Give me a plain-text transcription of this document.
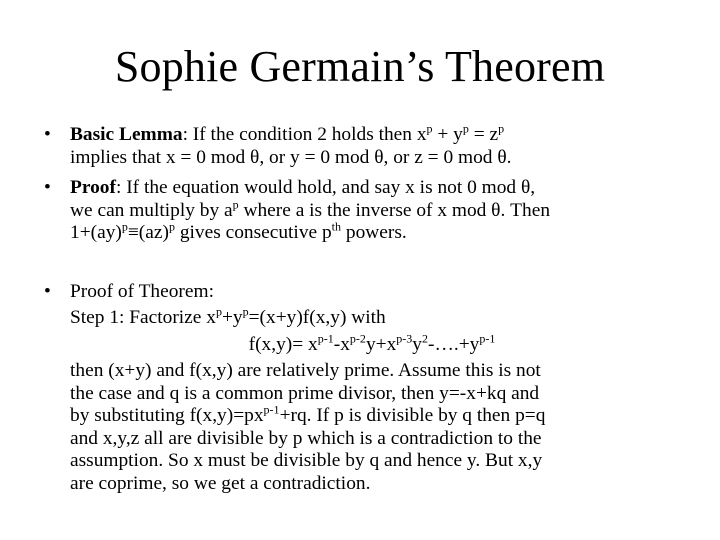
Sophie Germain’s Theorem
• Basic Lemma: If the condition 2 holds then $x^p + y^p = z^p$
implies that x = 0 mod θ, or y = 0 mod θ, or z = 0 mod θ.
• Proof: If the equation would hold, and say x is not 0 mod θ,
we can multiply by $a^p$ where a is the inverse of x mod θ. Then
1+(ay)$^p$≡(az)$^p$ gives consecutive $p^{th}$ powers.
• Proof of Theorem:
Step 1: Factorize $x^p+y^p=(x+y)f(x,y)$ with
$f(x,y)= x^{p-1}-x^{p-2}y+x^{p-3}y^2-\dots.+y^{p-1}$
then (x+y) and f(x,y) are relatively prime. Assume this is not
the case and q is a common prime divisor, then y=-x+kq and
by substituting $f(x,y)=px^{p-1}+rq$. If p is divisible by q then p=q
and x,y,z all are divisible by p which is a contradiction to the
assumption. So x must be divisible by q and hence y. But x,y
are coprime, so we get a contradiction.
